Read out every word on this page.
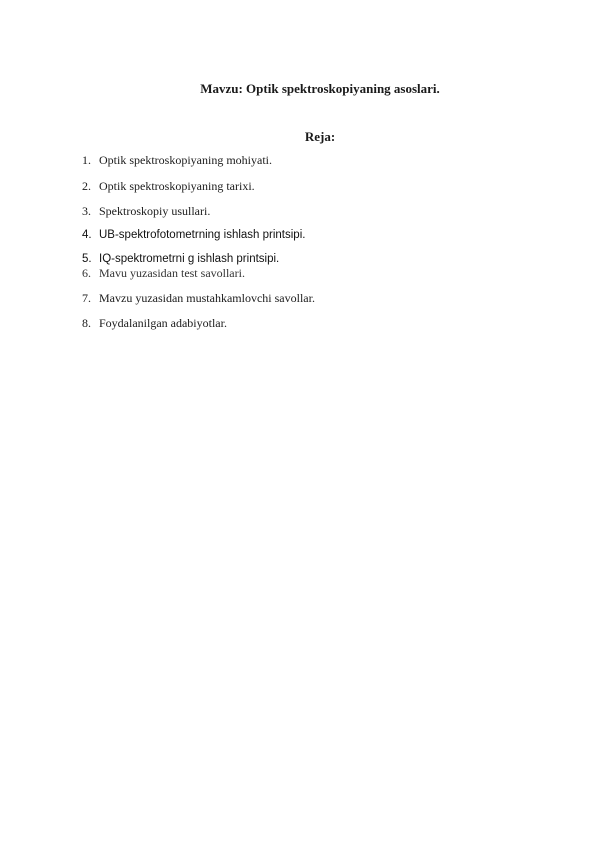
Mavzu: Optik spektroskopiyaning asoslari.
Reja:
1. Optik spektroskopiyaning mohiyati.
2. Optik spektroskopiyaning tarixi.
3. Spektroskopiy usullari.
4. UB-spektrofotometrning ishlash printsipi.
5. IQ-spektrometrni g ishlash printsipi.
6. Mavu yuzasidan test savollari.
7. Mavzu yuzasidan mustahkamlovchi savollar.
8. Foydalanilgan adabiyotlar.
